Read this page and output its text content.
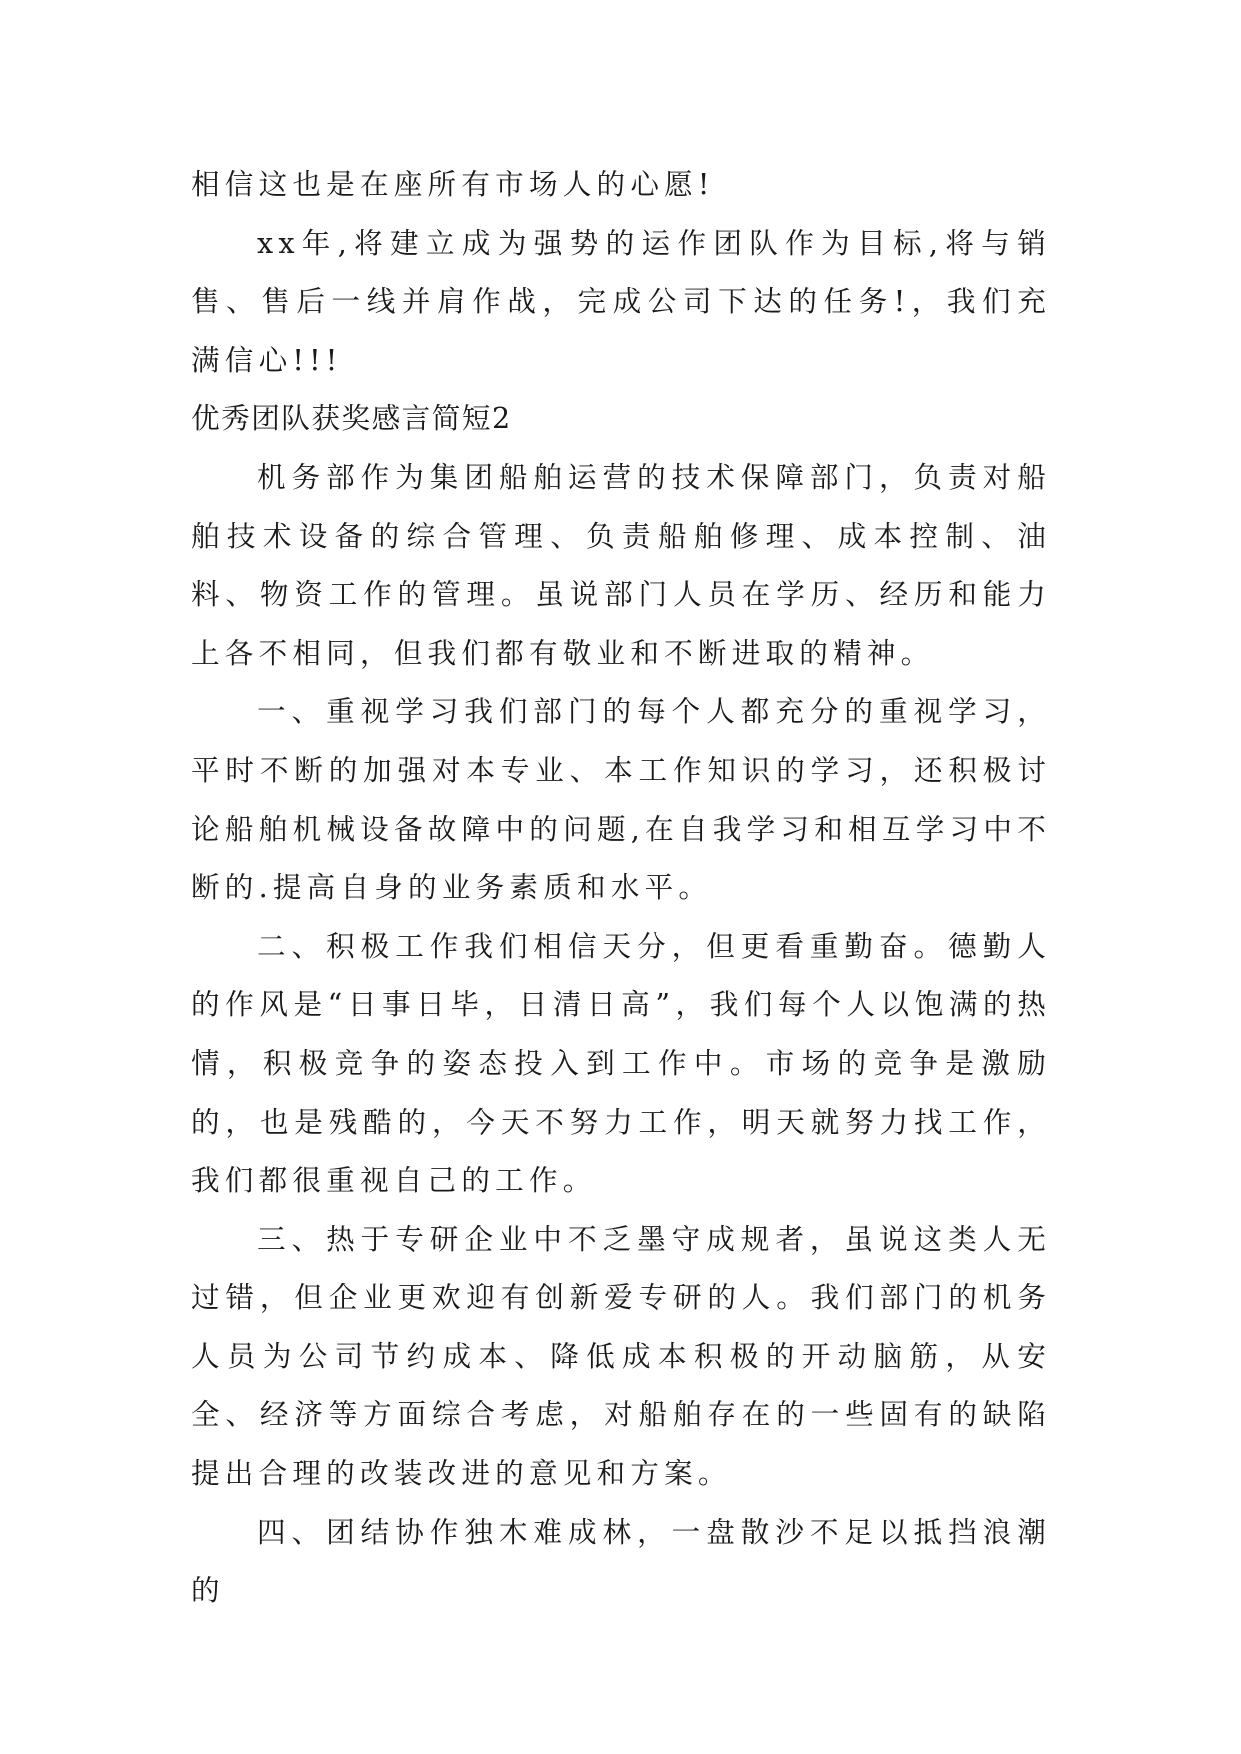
相信这也是在座所有市场人的心愿!

xx年,将建立成为强势的运作团队作为目标,将与销售、售后一线并肩作战，完成公司下达的任务!，我们充满信心!!!

优秀团队获奖感言简短2

机务部作为集团船舶运营的技术保障部门，负责对船舶技术设备的综合管理、负责船舶修理、成本控制、油料、物资工作的管理。虽说部门人员在学历、经历和能力上各不相同，但我们都有敬业和不断进取的精神。

一、重视学习我们部门的每个人都充分的重视学习，平时不断的加强对本专业、本工作知识的学习，还积极讨论船舶机械设备故障中的问题,在自我学习和相互学习中不断的.提高自身的业务素质和水平。

二、积极工作我们相信天分，但更看重勤奋。德勤人的作风是“日事日毕，日清日高”，我们每个人以饱满的热情，积极竞争的姿态投入到工作中。市场的竞争是激励的，也是残酷的，今天不努力工作，明天就努力找工作，我们都很重视自己的工作。

三、热于专研企业中不乏墨守成规者，虽说这类人无过错，但企业更欢迎有创新爱专研的人。我们部门的机务人员为公司节约成本、降低成本积极的开动脑筋，从安全、经济等方面综合考虑，对船舶存在的一些固有的缺陷提出合理的改装改进的意见和方案。

四、团结协作独木难成林，一盘散沙不足以抵挡浪潮的
